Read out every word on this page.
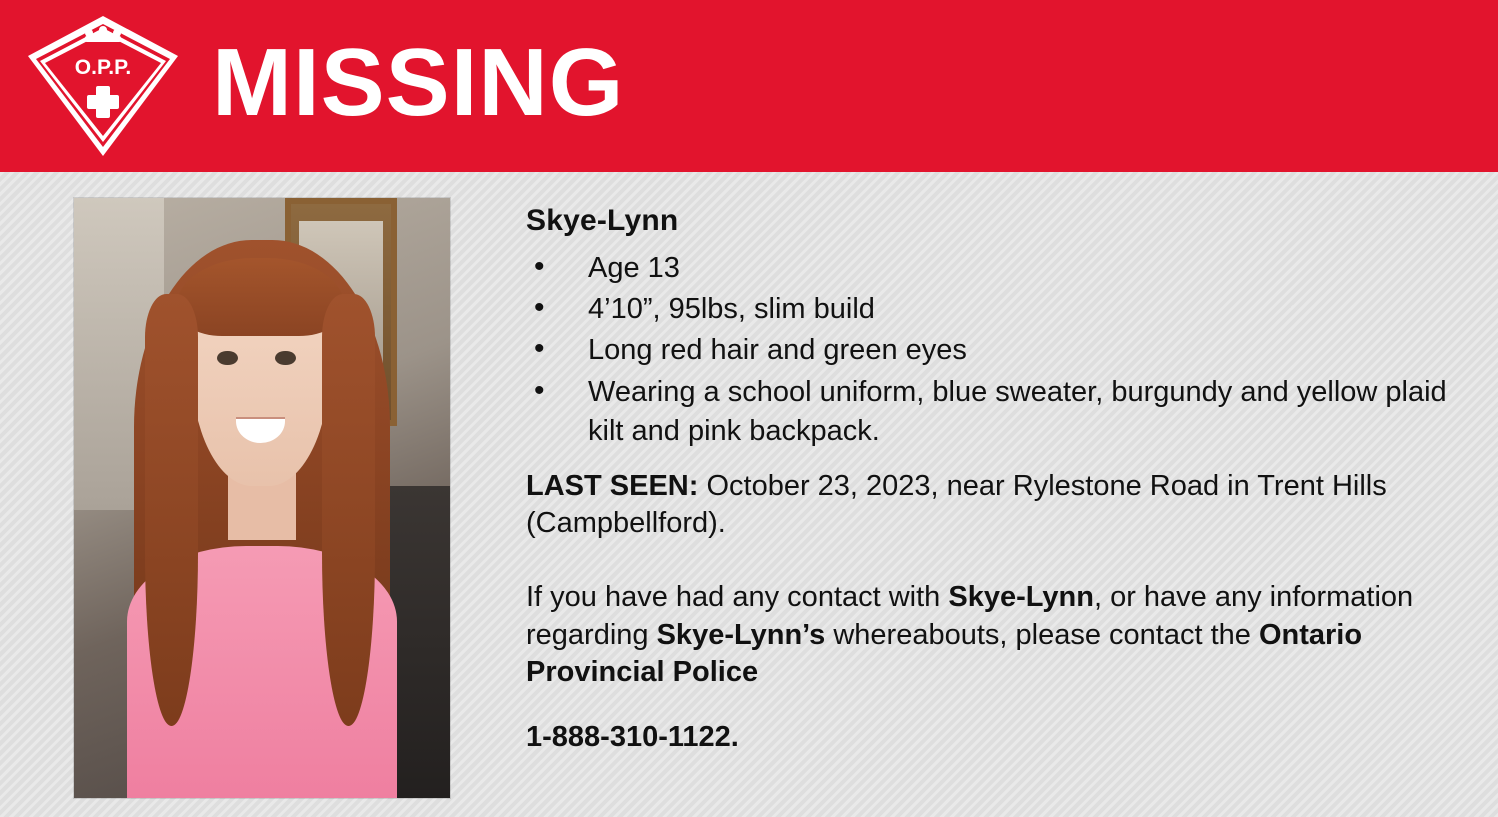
O.P.P. MISSING
Skye-Lynn
• Age 13
• 4’10”, 95lbs, slim build
• Long red hair and green eyes
• Wearing a school uniform, blue sweater, burgundy and yellow plaid kilt and pink backpack.

LAST SEEN: October 23, 2023, near Rylestone Road in Trent Hills (Campbellford).

If you have had any contact with Skye-Lynn, or have any information regarding Skye-Lynn’s whereabouts, please contact the Ontario Provincial Police

1-888-310-1122.
